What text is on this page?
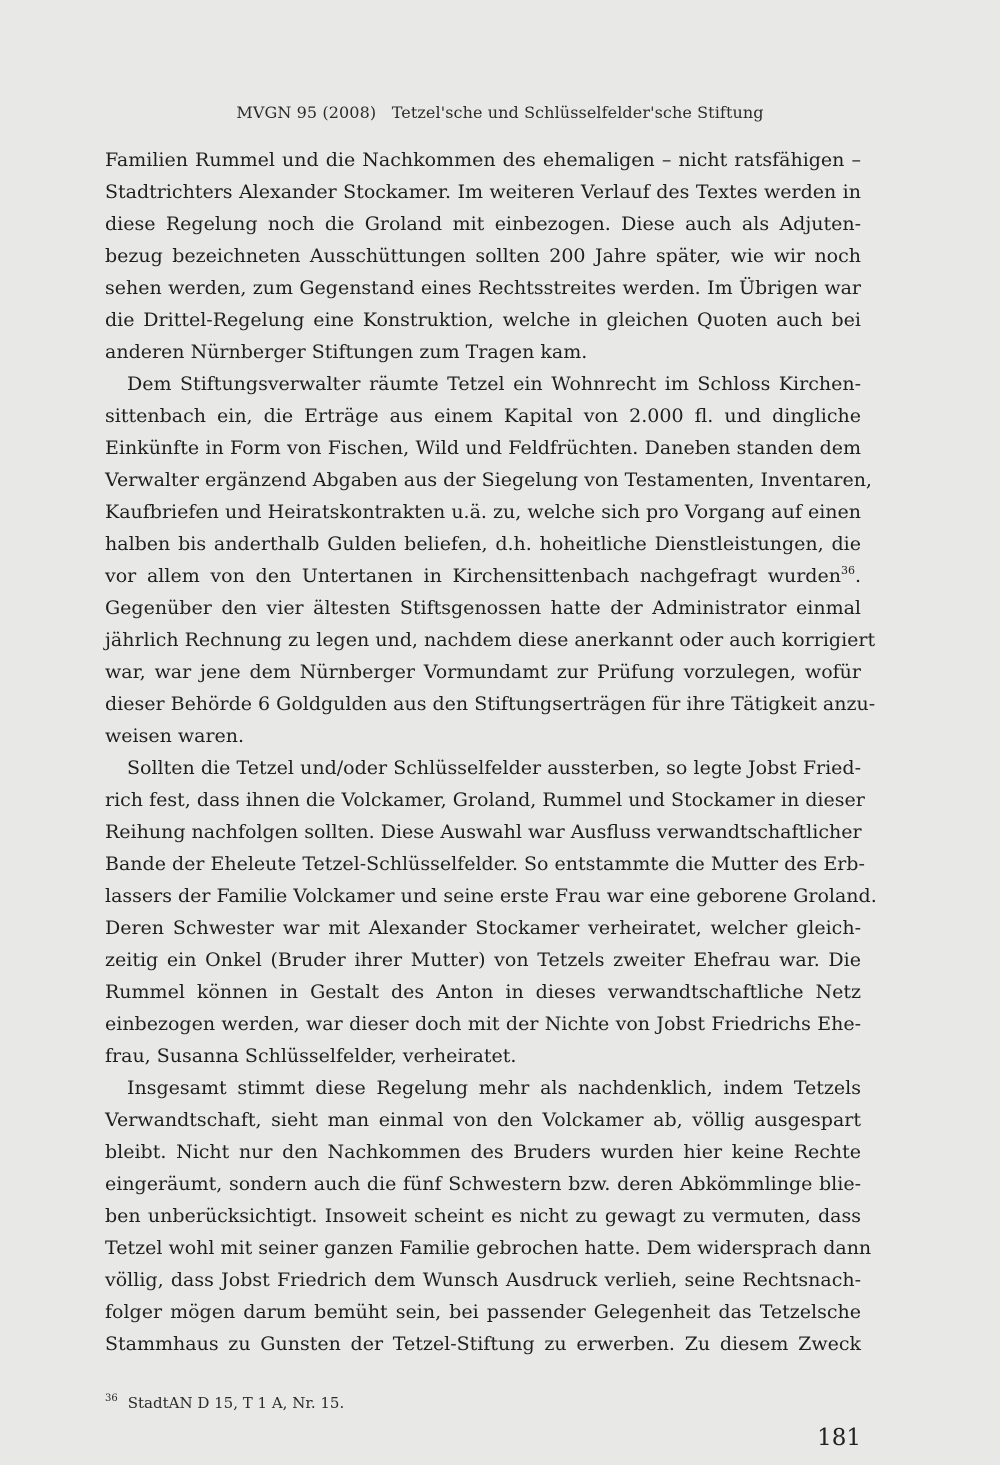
MVGN 95 (2008)   Tetzel'sche und Schlüsselfelder'sche Stiftung
Familien Rummel und die Nachkommen des ehemaligen – nicht ratsfähigen –
Stadtrichters Alexander Stockamer. Im weiteren Verlauf des Textes werden in
diese Regelung noch die Groland mit einbezogen. Diese auch als Adjuten-
bezug bezeichneten Ausschüttungen sollten 200 Jahre später, wie wir noch
sehen werden, zum Gegenstand eines Rechtsstreites werden. Im Übrigen war
die Drittel-Regelung eine Konstruktion, welche in gleichen Quoten auch bei
anderen Nürnberger Stiftungen zum Tragen kam.
Dem Stiftungsverwalter räumte Tetzel ein Wohnrecht im Schloss Kirchen-
sittenbach ein, die Erträge aus einem Kapital von 2.000 fl. und dingliche
Einkünfte in Form von Fischen, Wild und Feldfrüchten. Daneben standen dem
Verwalter ergänzend Abgaben aus der Siegelung von Testamenten, Inventaren,
Kaufbriefen und Heiratskontrakten u.ä. zu, welche sich pro Vorgang auf einen
halben bis anderthalb Gulden beliefen, d.h. hoheitliche Dienstleistungen, die
vor allem von den Untertanen in Kirchensittenbach nachgefragt wurden$^{36}$.
Gegenüber den vier ältesten Stiftsgenossen hatte der Administrator einmal
jährlich Rechnung zu legen und, nachdem diese anerkannt oder auch korrigiert
war, war jene dem Nürnberger Vormundamt zur Prüfung vorzulegen, wofür
dieser Behörde 6 Goldgulden aus den Stiftungserträgen für ihre Tätigkeit anzu-
weisen waren.
Sollten die Tetzel und/oder Schlüsselfelder aussterben, so legte Jobst Fried-
rich fest, dass ihnen die Volckamer, Groland, Rummel und Stockamer in dieser
Reihung nachfolgen sollten. Diese Auswahl war Ausfluss verwandtschaftlicher
Bande der Eheleute Tetzel-Schlüsselfelder. So entstammte die Mutter des Erb-
lassers der Familie Volckamer und seine erste Frau war eine geborene Groland.
Deren Schwester war mit Alexander Stockamer verheiratet, welcher gleich-
zeitig ein Onkel (Bruder ihrer Mutter) von Tetzels zweiter Ehefrau war. Die
Rummel können in Gestalt des Anton in dieses verwandtschaftliche Netz
einbezogen werden, war dieser doch mit der Nichte von Jobst Friedrichs Ehe-
frau, Susanna Schlüsselfelder, verheiratet.
Insgesamt stimmt diese Regelung mehr als nachdenklich, indem Tetzels
Verwandtschaft, sieht man einmal von den Volckamer ab, völlig ausgespart
bleibt. Nicht nur den Nachkommen des Bruders wurden hier keine Rechte
eingeräumt, sondern auch die fünf Schwestern bzw. deren Abkömmlinge blie-
ben unberücksichtigt. Insoweit scheint es nicht zu gewagt zu vermuten, dass
Tetzel wohl mit seiner ganzen Familie gebrochen hatte. Dem widersprach dann
völlig, dass Jobst Friedrich dem Wunsch Ausdruck verlieh, seine Rechtsnach-
folger mögen darum bemüht sein, bei passender Gelegenheit das Tetzelsche
Stammhaus zu Gunsten der Tetzel-Stiftung zu erwerben. Zu diesem Zweck
$^{36}$ StadtAN D 15, T 1 A, Nr. 15.
181
